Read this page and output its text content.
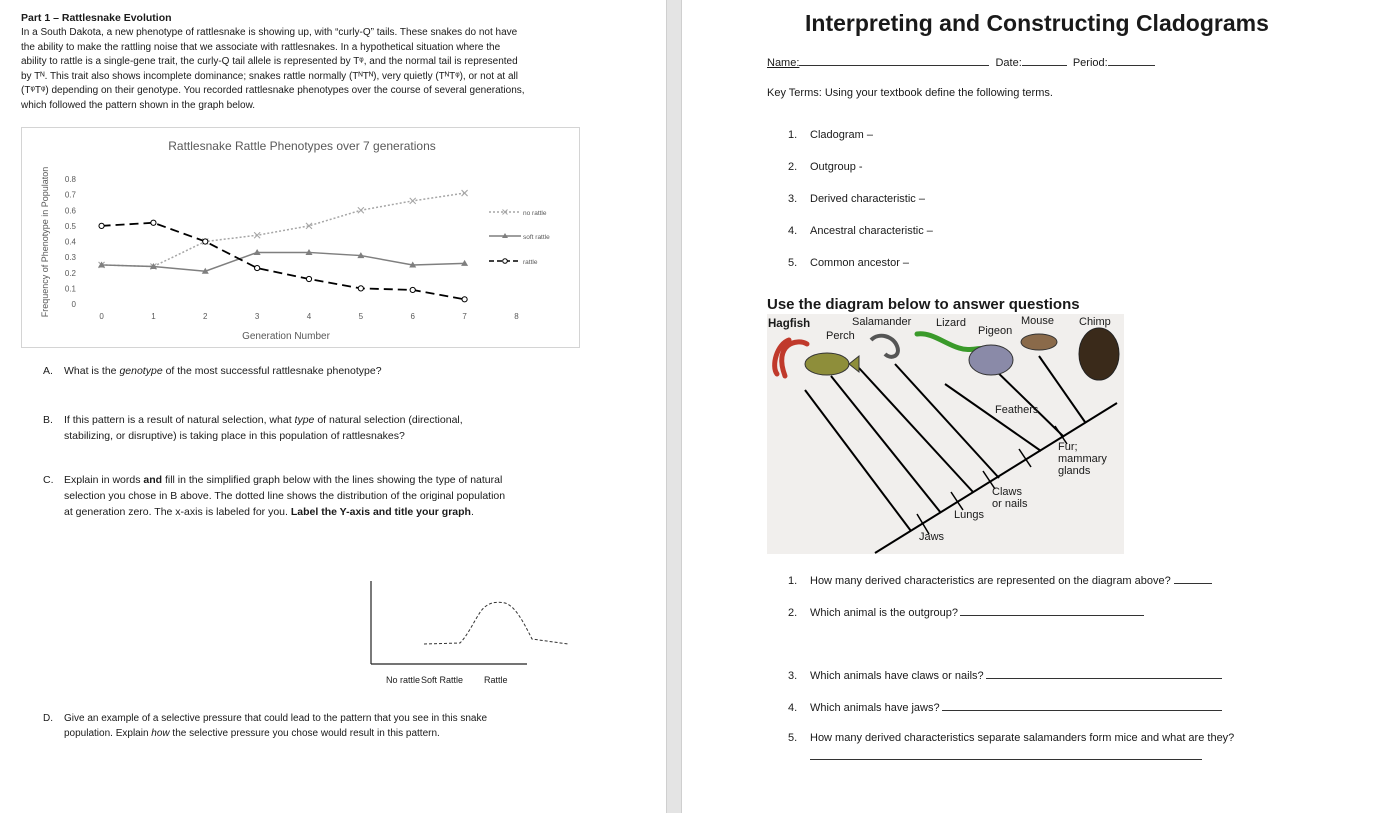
Part 1 – Rattlesnake Evolution
In a South Dakota, a new phenotype of rattlesnake is showing up, with “curly-Q” tails. These snakes do not have
the ability to make the rattling noise that we associate with rattlesnakes. In a hypothetical situation where the
ability to rattle is a single-gene trait, the curly-Q tail allele is represented by Tᵠ, and the normal tail is represented
by Tᴺ. This trait also shows incomplete dominance; snakes rattle normally (TᴺTᴺ), very quietly (TᴺTᵠ), or not at all
(TᵠTᵠ) depending on their genotype. You recorded rattlesnake phenotypes over the course of several generations,
which followed the pattern shown in the graph below.
Rattlesnake Rattle Phenotypes over 7 generations
Frequency of Phenotype in Populaton
Generation Number
0	1	2	3	4	5	6	7	8
0
0.1
0.2
0.3
0.4
0.5
0.6
0.7
0.8
no rattle
soft rattle
rattle
A. What is the genotype of the most successful rattlesnake phenotype?
B. If this pattern is a result of natural selection, what type of natural selection (directional,
stabilizing, or disruptive) is taking place in this population of rattlesnakes?
C. Explain in words and fill in the simplified graph below with the lines showing the type of natural
selection you chose in B above. The dotted line shows the distribution of the original population
at generation zero. The x-axis is labeled for you. Label the Y-axis and title your graph.
No rattle Soft Rattle Rattle
D. Give an example of a selective pressure that could lead to the pattern that you see in this snake
population. Explain how the selective pressure you chose would result in this pattern.
Interpreting and Constructing Cladograms
Name:	Date:	Period:
Key Terms: Using your textbook define the following terms.
1. Cladogram –
2. Outgroup -
3. Derived characteristic –
4. Ancestral characteristic –
5. Common ancestor –
Use the diagram below to answer questions
Hagfish
Perch
Salamander Lizard
Pigeon
Mouse Chimp
Jaws
Lungs
Claws
or nails
Feathers
Fur;
mammary
glands
1. How many derived characteristics are represented on the diagram above?
2. Which animal is the outgroup?
3. Which animals have claws or nails?
4. Which animals have jaws?
5. How many derived characteristics separate salamanders form mice and what are they?
